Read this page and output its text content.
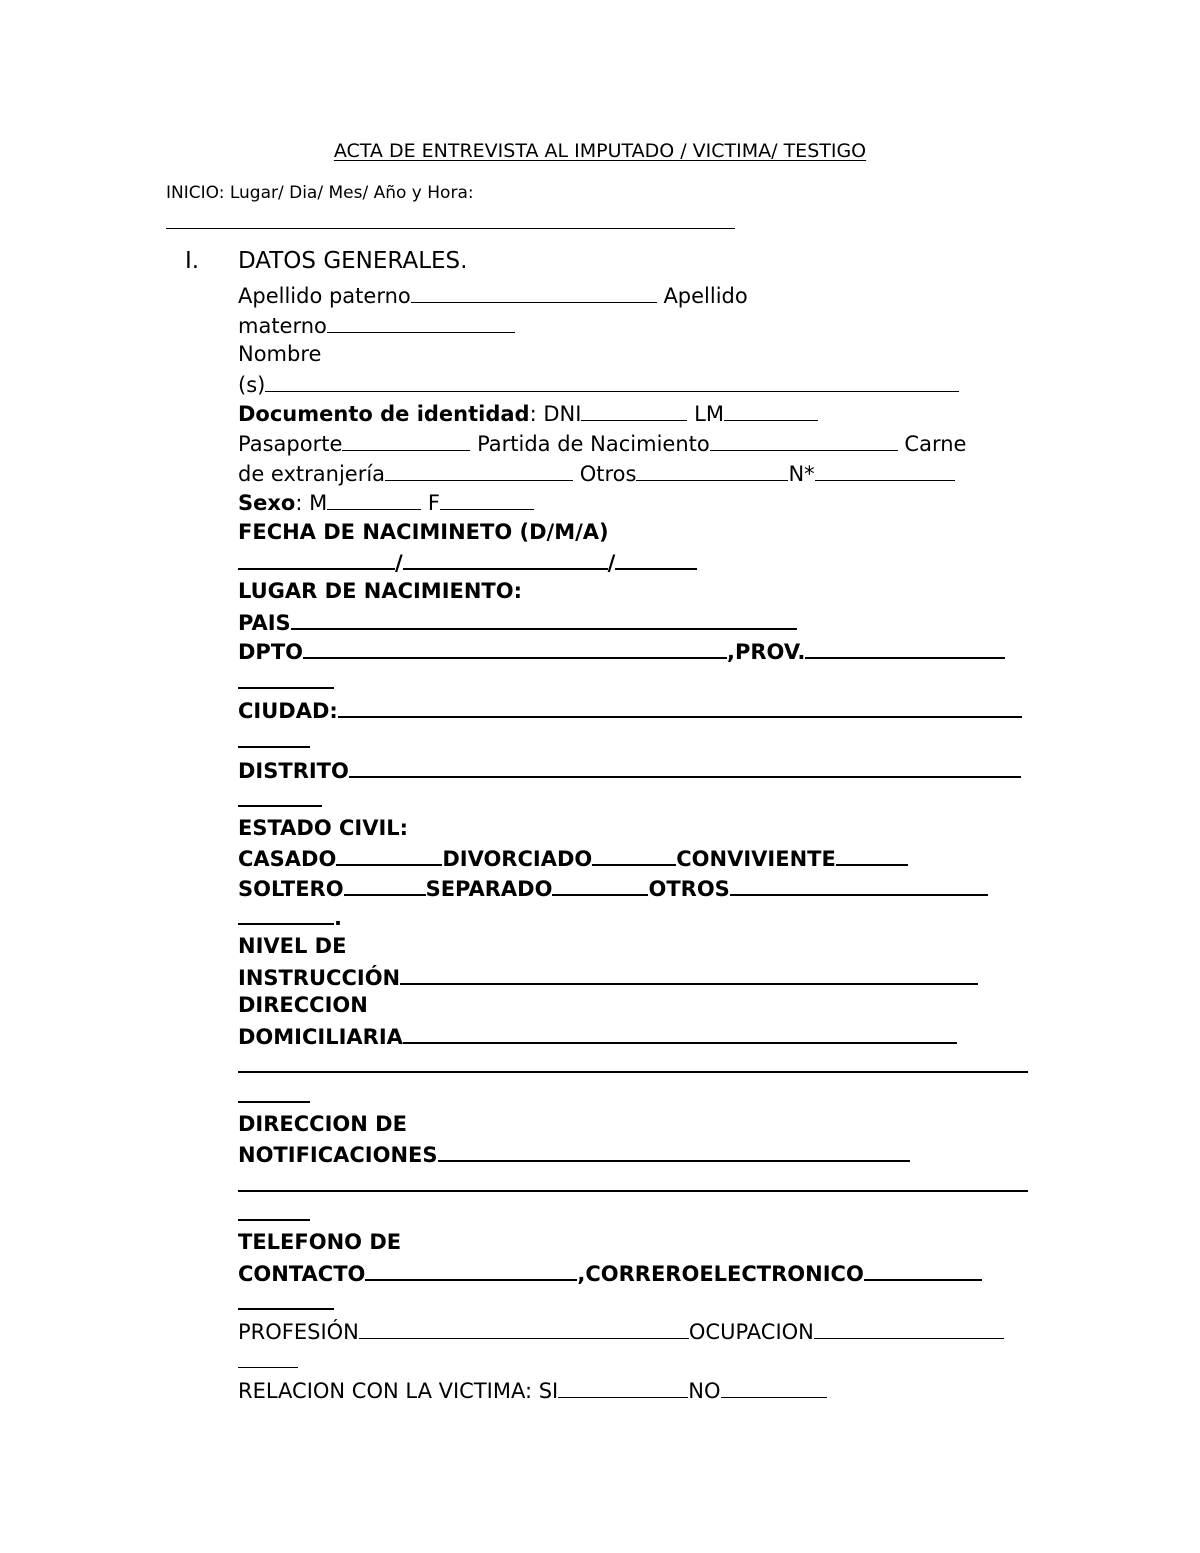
ACTA DE ENTREVISTA AL IMPUTADO / VICTIMA/ TESTIGO
INICIO: Lugar/ Dia/ Mes/ Año y Hora:
I. DATOS GENERALES.
Apellido paterno	Apellido
materno
Nombre
(s)
Documento de identidad: DNI	LM
Pasaporte	Partida de Nacimiento	Carne
de extranjería	Otros	N*
Sexo: M	F
FECHA DE NACIMINETO (D/M/A)
/	/
LUGAR DE NACIMIENTO:
PAIS
DPTO	,PROV.
CIUDAD:
DISTRITO
ESTADO CIVIL:
CASADO	DIVORCIADO	CONVIVIENTE
SOLTERO	SEPARADO	OTROS
.
NIVEL DE
INSTRUCCIÓN
DIRECCION
DOMICILIARIA
DIRECCION DE
NOTIFICACIONES
TELEFONO DE
CONTACTO	,CORREROELECTRONICO
PROFESIÓN	OCUPACION
RELACION CON LA VICTIMA: SI	NO
